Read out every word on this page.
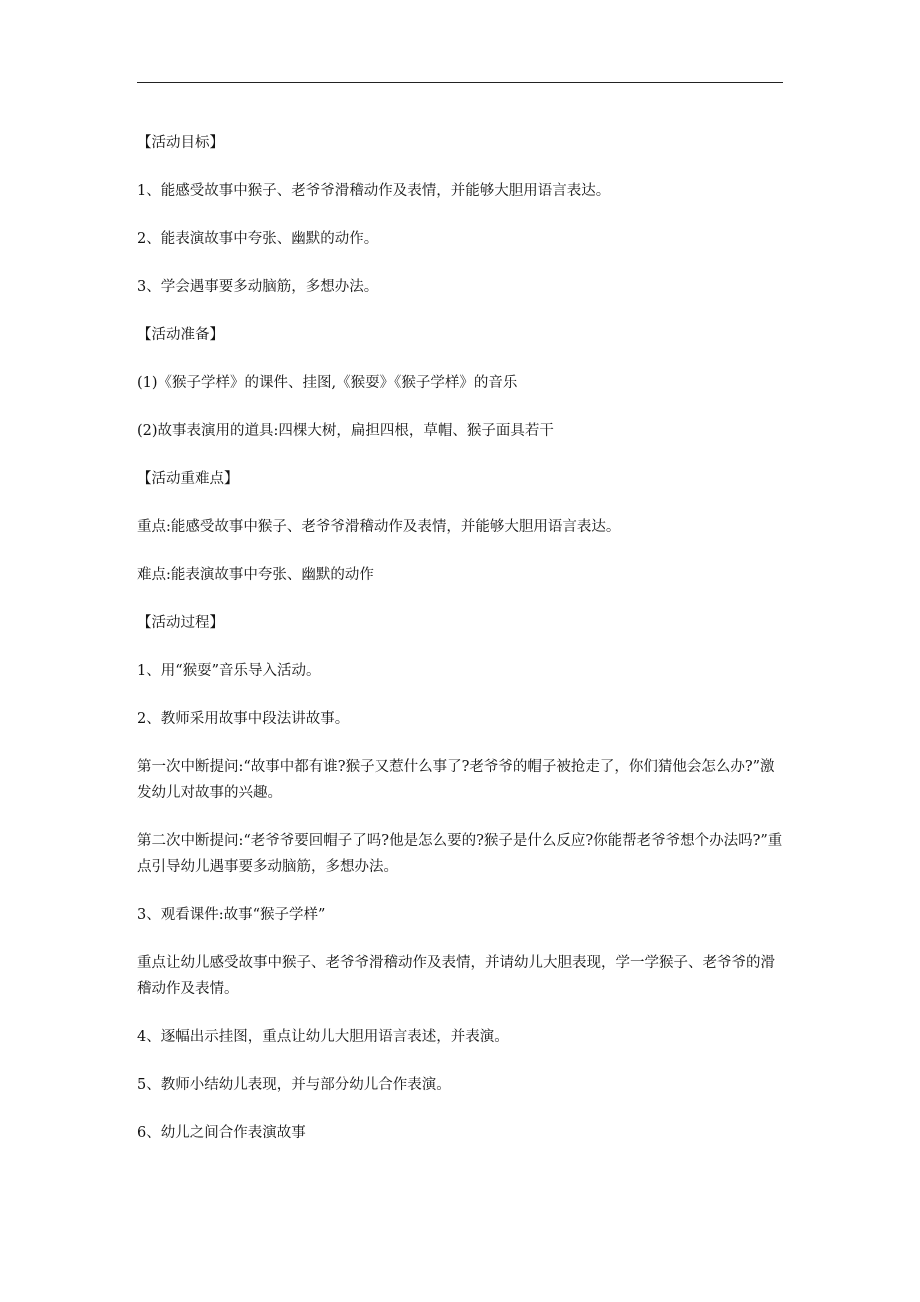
【活动目标】

1、能感受故事中猴子、老爷爷滑稽动作及表情，并能够大胆用语言表达。

2、能表演故事中夸张、幽默的动作。

3、学会遇事要多动脑筋，多想办法。

【活动准备】

(1)《猴子学样》的课件、挂图,《猴耍》《猴子学样》的音乐

(2)故事表演用的道具:四棵大树，扁担四根，草帽、猴子面具若干

【活动重难点】

重点:能感受故事中猴子、老爷爷滑稽动作及表情，并能够大胆用语言表达。

难点:能表演故事中夸张、幽默的动作

【活动过程】

1、用“猴耍”音乐导入活动。

2、教师采用故事中段法讲故事。

第一次中断提问:“故事中都有谁?猴子又惹什么事了?老爷爷的帽子被抢走了，你们猜他会怎么办?”激发幼儿对故事的兴趣。

第二次中断提问:“老爷爷要回帽子了吗?他是怎么要的?猴子是什么反应?你能帮老爷爷想个办法吗?”重点引导幼儿遇事要多动脑筋，多想办法。

3、观看课件:故事“猴子学样”

重点让幼儿感受故事中猴子、老爷爷滑稽动作及表情，并请幼儿大胆表现，学一学猴子、老爷爷的滑稽动作及表情。

4、逐幅出示挂图，重点让幼儿大胆用语言表述，并表演。

5、教师小结幼儿表现，并与部分幼儿合作表演。

6、幼儿之间合作表演故事
